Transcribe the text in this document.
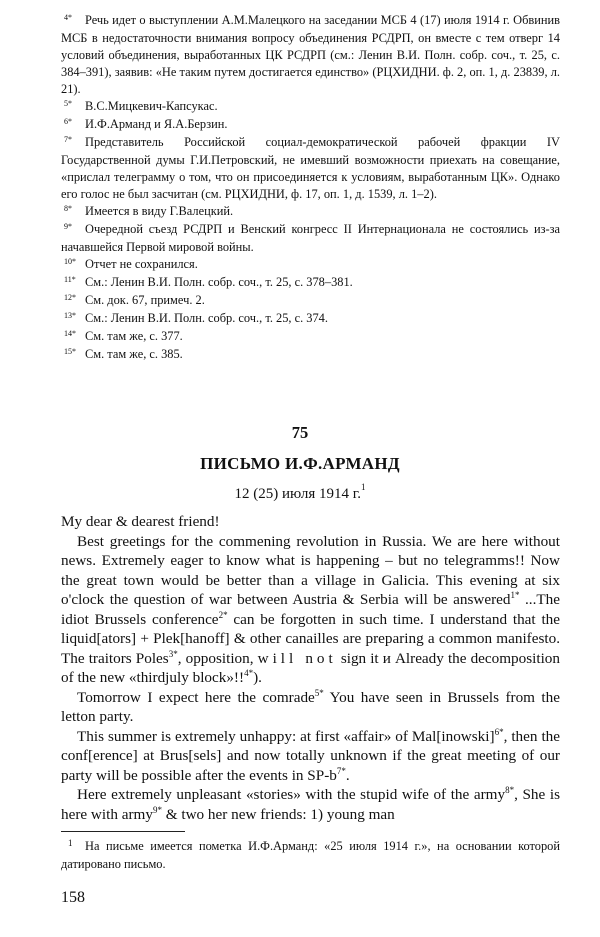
4* Речь идет о выступлении А.М.Малецкого на заседании МСБ 4 (17) июля 1914 г. Обвинив МСБ в недостаточности внимания вопросу объединения РСДРП, он вместе с тем отверг 14 условий объединения, выработанных ЦК РСДРП (см.: Ленин В.И. Полн. собр. соч., т. 25, с. 384–391), заявив: «Не таким путем достигается единство» (РЦХИДНИ. ф. 2, оп. 1, д. 23839, л. 21).
5* В.С.Мицкевич-Капсукас.
6* И.Ф.Арманд и Я.А.Берзин.
7* Представитель Российской социал-демократической рабочей фракции IV Государственной думы Г.И.Петровский, не имевший возможности приехать на совещание, «прислал телеграмму о том, что он присоединяется к условиям, выработанным ЦК». Однако его голос не был засчитан (см. РЦХИДНИ, ф. 17, оп. 1, д. 1539, л. 1–2).
8* Имеется в виду Г.Валецкий.
9* Очередной съезд РСДРП и Венский конгресс II Интернационала не состоялись из-за начавшейся Первой мировой войны.
10* Отчет не сохранился.
11* См.: Ленин В.И. Полн. собр. соч., т. 25, с. 378–381.
12* См. док. 67, примеч. 2.
13* См.: Ленин В.И. Полн. собр. соч., т. 25, с. 374.
14* См. там же, с. 377.
15* См. там же, с. 385.
75
ПИСЬМО И.Ф.АРМАНД
12 (25) июля 1914 г.$^1$

My dear & dearest friend!

Best greetings for the commening revolution in Russia. We are here without news. Extremely eager to know what is happening – but no telegramms!! Now the great town would be better than a village in Galicia. This evening at six o'clock the question of war between Austria & Serbia will be answered$^{1*}$ ...The idiot Brussels conference$^{2*}$ can be forgotten in such time. I understand that the liquid[ators] + Plek[hanoff] & other canailles are preparing a common manifesto. The traitors Poles$^{3*}$, opposition, will not sign it и Already the decomposition of the new «thirdjuly block»!!$^{4*}$).

Tomorrow I expect here the comrade$^{5*}$ You have seen in Brussels from the letton party.

This summer is extremely unhappy: at first «affair» of Mal[inowski]$^{6*}$, then the conf[erence] at Brus[sels] and now totally unknown if the great meeting of our party will be possible after the events in $SP-b^{7*}$.

Here extremely unpleasant «stories» with the stupid wife of the army$^{8*}$, She is here with army$^{9*}$ & two her new friends: 1) young man

1 На письме имеется пометка И.Ф.Арманд: «25 июля 1914 г.», на основании которой датировано письмо.
158
